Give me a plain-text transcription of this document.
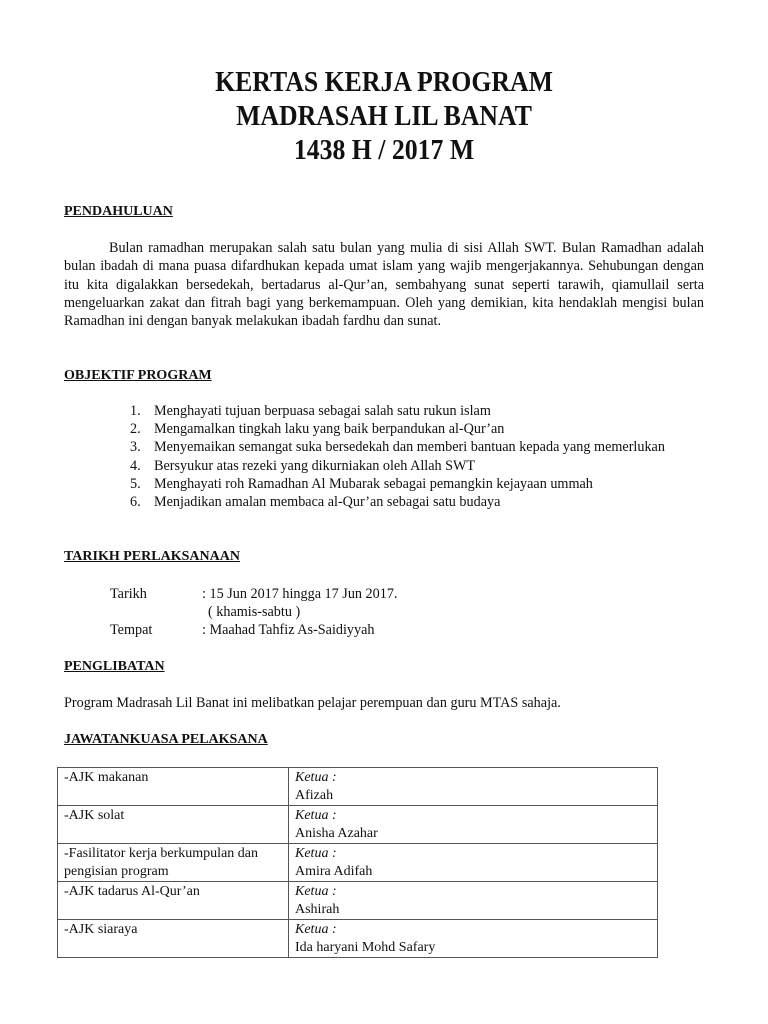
KERTAS KERJA PROGRAM
MADRASAH LIL BANAT
1438 H / 2017 M
PENDAHULUAN

Bulan ramadhan merupakan salah satu bulan yang mulia di sisi Allah SWT. Bulan Ramadhan adalah bulan ibadah di mana puasa difardhukan kepada umat islam yang wajib mengerjakannya. Sehubungan dengan itu kita digalakkan bersedekah, bertadarus al-Qur’an, sembahyang sunat seperti tarawih, qiamullail serta mengeluarkan zakat dan fitrah bagi yang berkemampuan. Oleh yang demikian, kita hendaklah mengisi bulan Ramadhan ini dengan banyak melakukan ibadah fardhu dan sunat.

OBJEKTIF PROGRAM
1. Menghayati tujuan berpuasa sebagai salah satu rukun islam
2. Mengamalkan tingkah laku yang baik berpandukan al-Qur’an
3. Menyemaikan semangat suka bersedekah dan memberi bantuan kepada yang memerlukan
4. Bersyukur atas rezeki yang dikurniakan oleh Allah SWT
5. Menghayati roh Ramadhan Al Mubarak sebagai pemangkin kejayaan ummah
6. Menjadikan amalan membaca al-Qur’an sebagai satu budaya
TARIKH PERLAKSANAAN
Tarikh	: 15 Jun 2017 hingga 17 Jun 2017.
( khamis-sabtu )
Tempat	: Maahad Tahfiz As-Saidiyyah
PENGLIBATAN

Program Madrasah Lil Banat ini melibatkan pelajar perempuan dan guru MTAS sahaja.

JAWATANKUASA PELAKSANA
-AJK makanan	Ketua :
Afizah

-AJK solat	Ketua :
Anisha Azahar

-Fasilitator kerja berkumpulan dan pengisian program	Ketua :
Amira Adifah

-AJK tadarus Al-Qur’an	Ketua :
Ashirah

-AJK siaraya	Ketua :
Ida haryani Mohd Safary
